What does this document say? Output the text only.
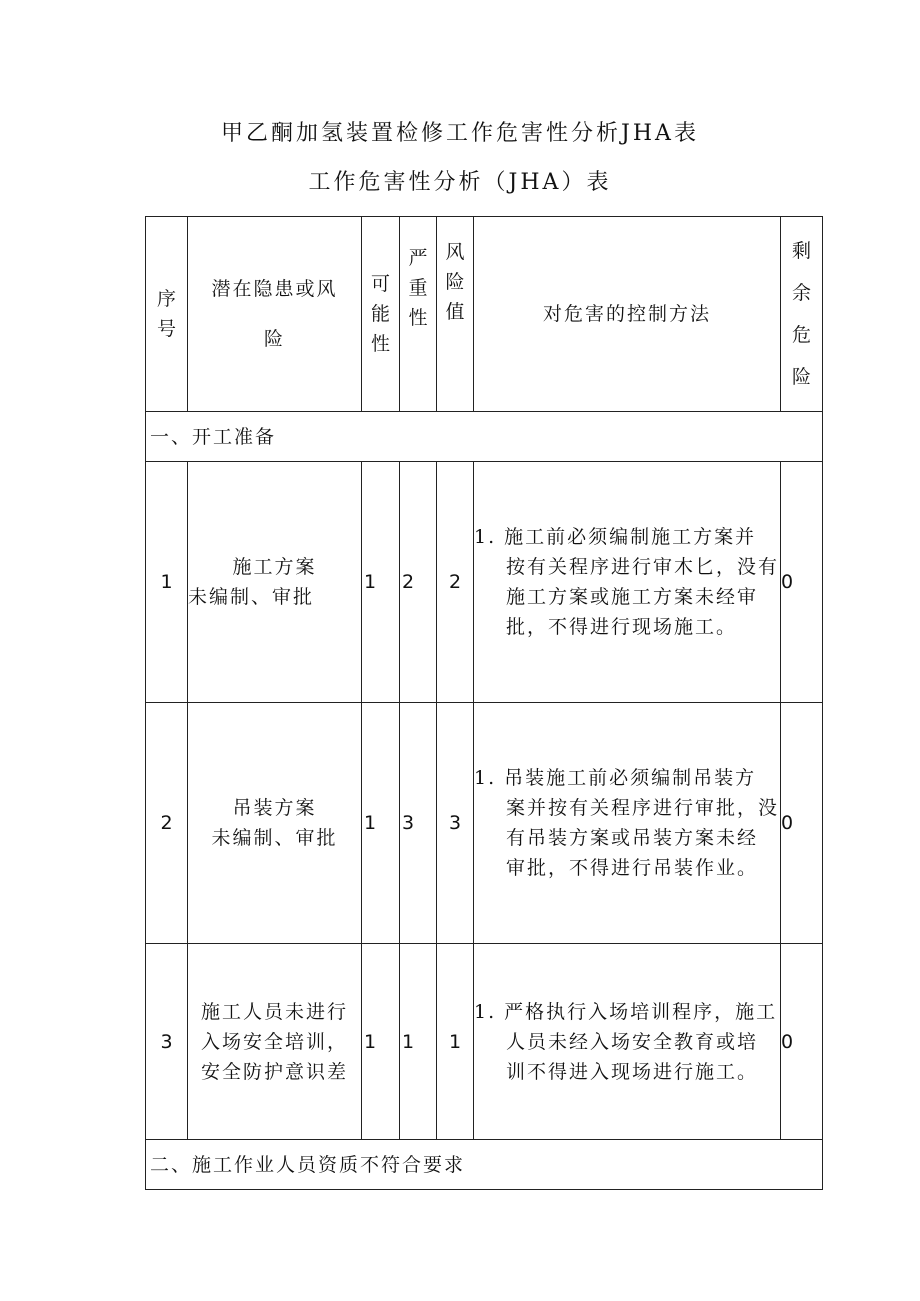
甲乙酮加氢装置检修工作危害性分析JHA表
工作危害性分析（JHA）表
序
号	潜在隐患或风
险	可
能
性	严
重
性	风
险
值	对危害的控制方法	剩
余
危
险

一、开工准备						
1	施工方案
未编制、审批	1	2	2	1. 施工前必须编制施工方案并
按有关程序进行审木匕，没有
施工方案或施工方案未经审
批，不得进行现场施工。	0
2	吊装方案
未编制、审批	1	3	3	1. 吊装施工前必须编制吊装方
案并按有关程序进行审批，没
有吊装方案或吊装方案未经
审批，不得进行吊装作业。	0
3	施工人员未进行
入场安全培训，
安全防护意识差	1	1	1	1. 严格执行入场培训程序，施工
人员未经入场安全教育或培
训不得进入现场进行施工。	0
二、施工作业人员资质不符合要求						
